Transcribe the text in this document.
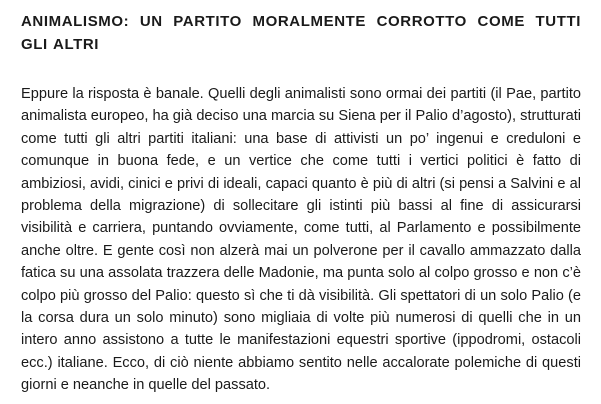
ANIMALISMO: UN PARTITO MORALMENTE CORROTTO COME TUTTI GLI ALTRI

Eppure la risposta è banale. Quelli degli animalisti sono ormai dei partiti (il Pae, partito animalista europeo, ha già deciso una marcia su Siena per il Palio d’agosto), strutturati come tutti gli altri partiti italiani: una base di attivisti un po’ ingenui e creduloni e comunque in buona fede, e un vertice che come tutti i vertici politici è fatto di ambiziosi, avidi, cinici e privi di ideali, capaci quanto è più di altri (si pensi a Salvini e al problema della migrazione) di sollecitare gli istinti più bassi al fine di assicurarsi visibilità e carriera, puntando ovviamente, come tutti, al Parlamento e possibilmente anche oltre. E gente così non alzerà mai un polverone per il cavallo ammazzato dalla fatica su una assolata trazzera delle Madonie, ma punta solo al colpo grosso e non c’è colpo più grosso del Palio: questo sì che ti dà visibilità. Gli spettatori di un solo Palio (e la corsa dura un solo minuto) sono migliaia di volte più numerosi di quelli che in un intero anno assistono a tutte le manifestazioni equestri sportive (ippodromi, ostacoli ecc.) italiane. Ecco, di ciò niente abbiamo sentito nelle accalorate polemiche di questi giorni e neanche in quelle del passato.
